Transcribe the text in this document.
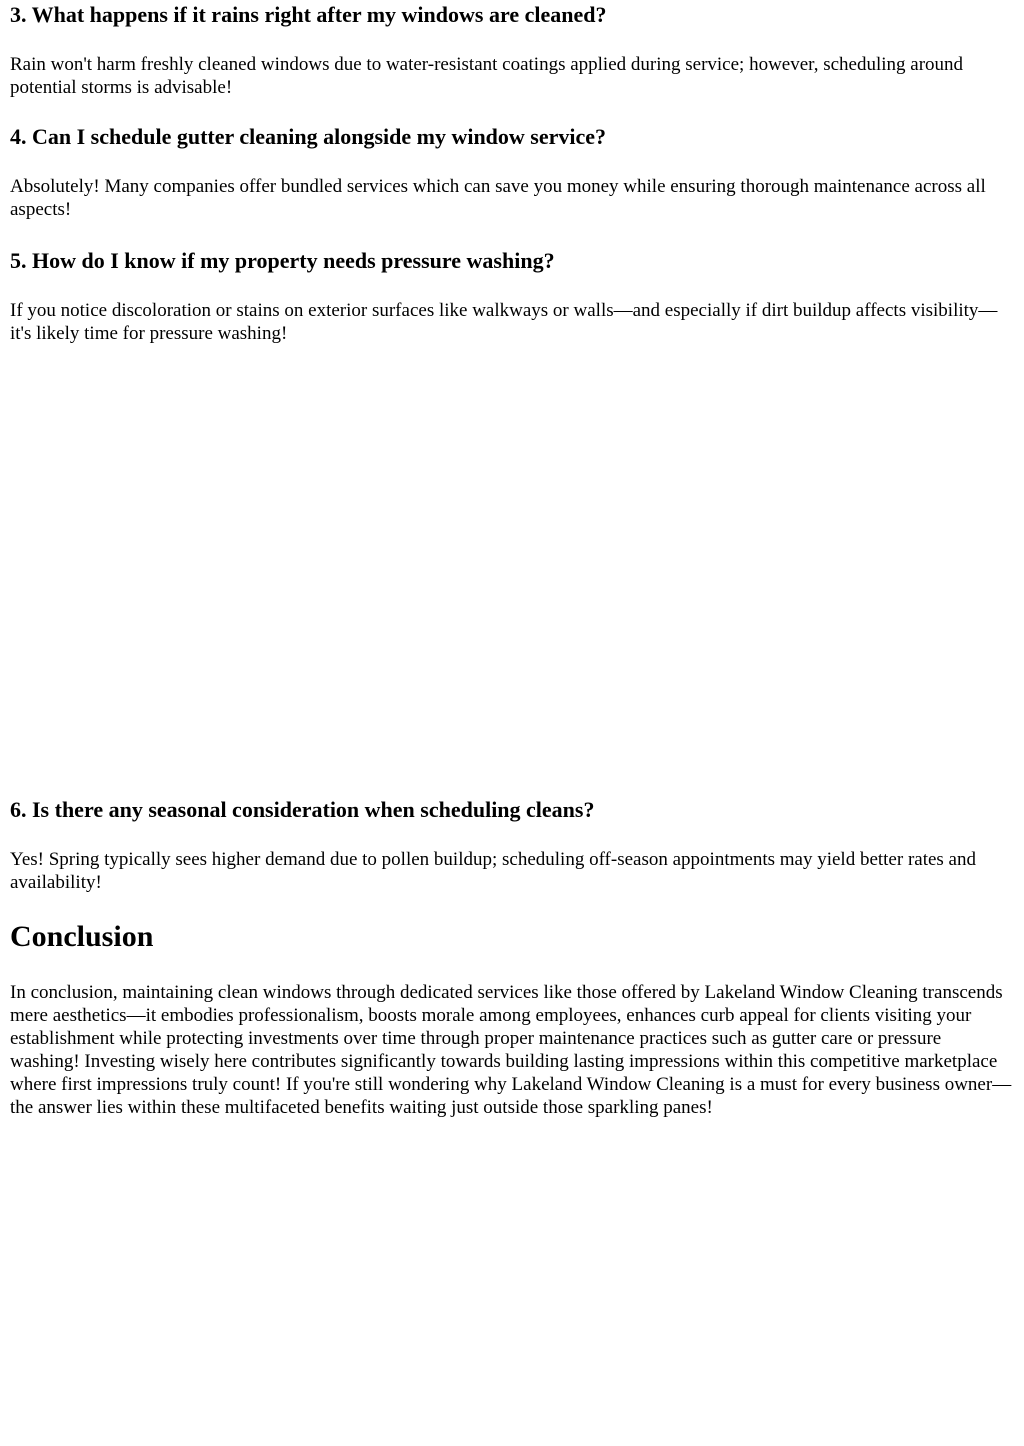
3. What happens if it rains right after my windows are cleaned?

Rain won't harm freshly cleaned windows due to water-resistant coatings applied during service; however, scheduling around potential storms is advisable!

4. Can I schedule gutter cleaning alongside my window service?

Absolutely! Many companies offer bundled services which can save you money while ensuring thorough maintenance across all aspects!

5. How do I know if my property needs pressure washing?

If you notice discoloration or stains on exterior surfaces like walkways or walls—and especially if dirt buildup affects visibility—it's likely time for pressure washing!

6. Is there any seasonal consideration when scheduling cleans?

Yes! Spring typically sees higher demand due to pollen buildup; scheduling off-season appointments may yield better rates and availability!

Conclusion

In conclusion, maintaining clean windows through dedicated services like those offered by Lakeland Window Cleaning transcends mere aesthetics—it embodies professionalism, boosts morale among employees, enhances curb appeal for clients visiting your establishment while protecting investments over time through proper maintenance practices such as gutter care or pressure washing! Investing wisely here contributes significantly towards building lasting impressions within this competitive marketplace where first impressions truly count! If you're still wondering why Lakeland Window Cleaning is a must for every business owner—the answer lies within these multifaceted benefits waiting just outside those sparkling panes!
